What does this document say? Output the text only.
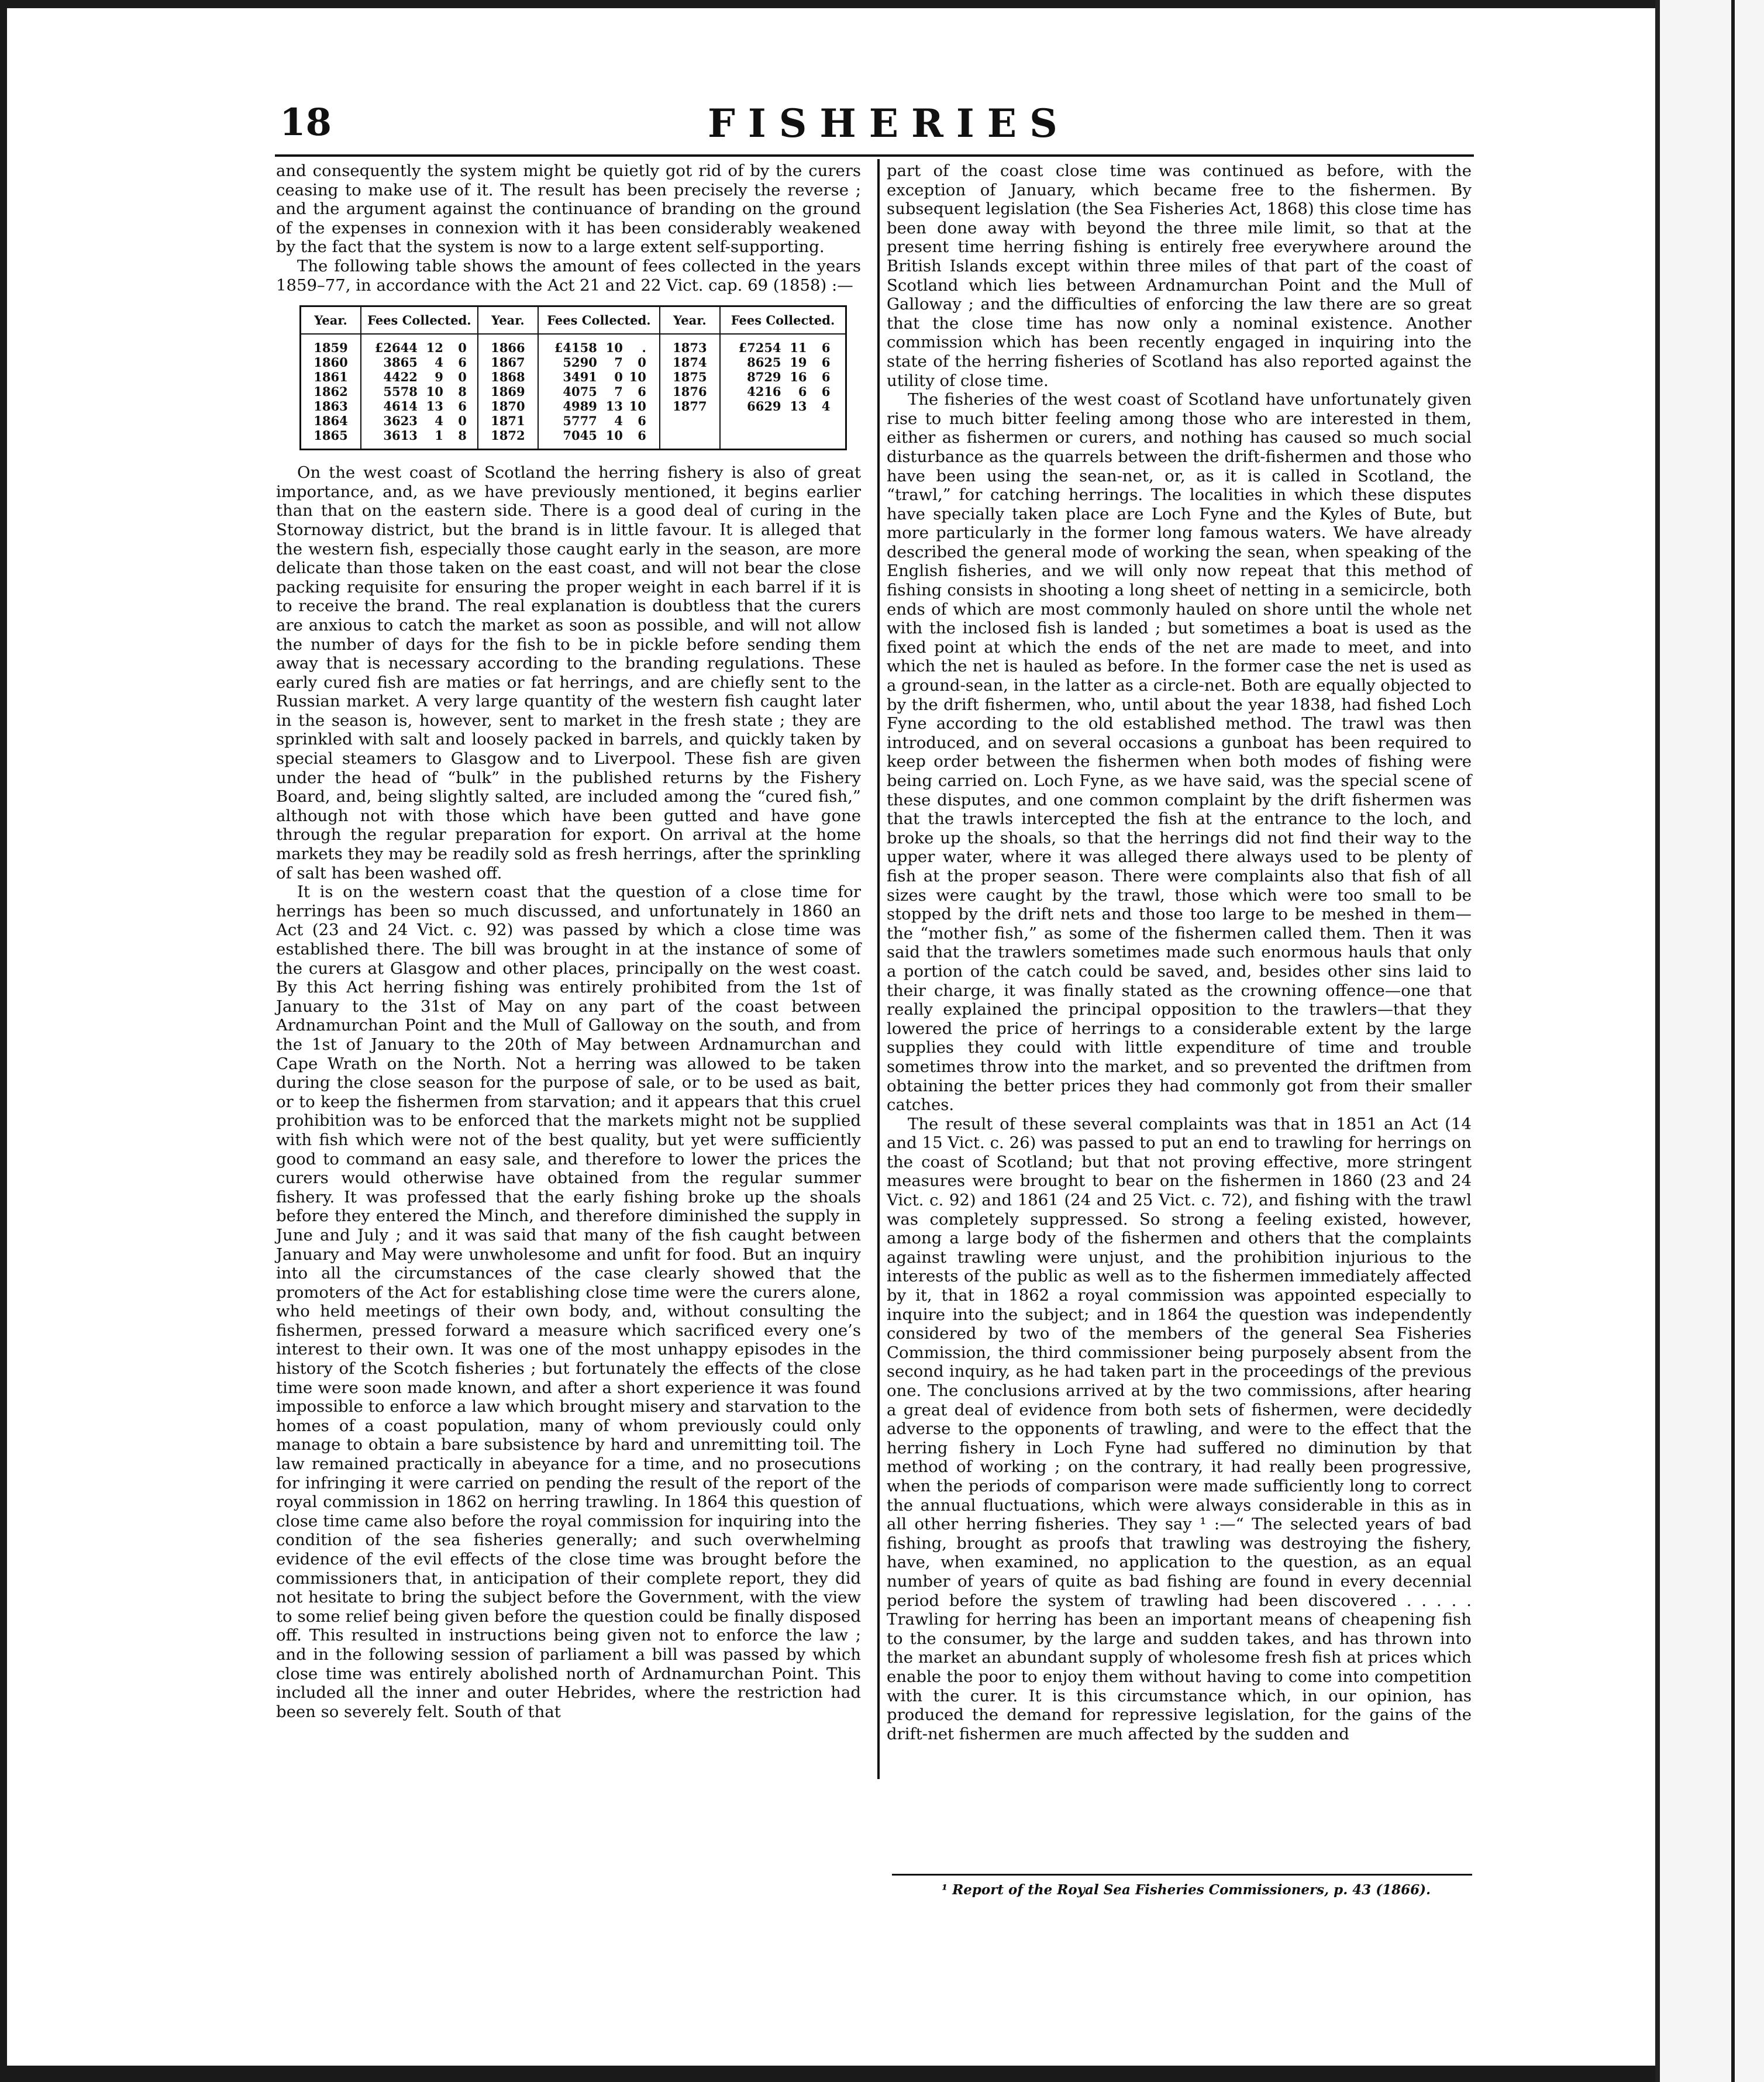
18	FISHERIES

and consequently the system might be quietly got rid of by the curers ceasing to make use of it. The result has been precisely the reverse ; and the argument against the continuance of branding on the ground of the expenses in connexion with it has been considerably weakened by the fact that the system is now to a large extent self-supporting.

The following table shows the amount of fees collected in the years 1859–77, in accordance with the Act 21 and 22 Vict. cap. 69 (1858) :—

Year.	Fees Collected.	Year.	Fees Collected.	Year.	Fees Collected.
1859	£2644 12 0	1866	£4158 10 .	1873	£7254 11 6
1860	3865 4 6	1867	5290 7 0	1874	8625 19 6
1861	4422 9 0	1868	3491 0 10	1875	8729 16 6
1862	5578 10 8	1869	4075 7 6	1876	4216 6 6
1863	4614 13 6	1870	4989 13 10	1877	6629 13 4
1864	3623 4 0	1871	5777 4 6		
1865	3613 1 8	1872	7045 10 6		

On the west coast of Scotland the herring fishery is also of great importance, and, as we have previously mentioned, it begins earlier than that on the eastern side. There is a good deal of curing in the Stornoway district, but the brand is in little favour. It is alleged that the western fish, especially those caught early in the season, are more delicate than those taken on the east coast, and will not bear the close packing requisite for ensuring the proper weight in each barrel if it is to receive the brand. The real explanation is doubtless that the curers are anxious to catch the market as soon as possible, and will not allow the number of days for the fish to be in pickle before sending them away that is necessary according to the branding regulations. These early cured fish are maties or fat herrings, and are chiefly sent to the Russian market. A very large quantity of the western fish caught later in the season is, however, sent to market in the fresh state ; they are sprinkled with salt and loosely packed in barrels, and quickly taken by special steamers to Glasgow and to Liverpool. These fish are given under the head of “bulk” in the published returns by the Fishery Board, and, being slightly salted, are included among the “cured fish,” although not with those which have been gutted and have gone through the regular preparation for export. On arrival at the home markets they may be readily sold as fresh herrings, after the sprinkling of salt has been washed off.

It is on the western coast that the question of a close time for herrings has been so much discussed, and unfortunately in 1860 an Act (23 and 24 Vict. c. 92) was passed by which a close time was established there. The bill was brought in at the instance of some of the curers at Glasgow and other places, principally on the west coast. By this Act herring fishing was entirely prohibited from the 1st of January to the 31st of May on any part of the coast between Ardnamurchan Point and the Mull of Galloway on the south, and from the 1st of January to the 20th of May between Ardnamurchan and Cape Wrath on the North. Not a herring was allowed to be taken during the close season for the purpose of sale, or to be used as bait, or to keep the fishermen from starvation; and it appears that this cruel prohibition was to be enforced that the markets might not be supplied with fish which were not of the best quality, but yet were sufficiently good to command an easy sale, and therefore to lower the prices the curers would otherwise have obtained from the regular summer fishery. It was professed that the early fishing broke up the shoals before they entered the Minch, and therefore diminished the supply in June and July ; and it was said that many of the fish caught between January and May were unwholesome and unfit for food. But an inquiry into all the circumstances of the case clearly showed that the promoters of the Act for establishing close time were the curers alone, who held meetings of their own body, and, without consulting the fishermen, pressed forward a measure which sacrificed every one’s interest to their own. It was one of the most unhappy episodes in the history of the Scotch fisheries ; but fortunately the effects of the close time were soon made known, and after a short experience it was found impossible to enforce a law which brought misery and starvation to the homes of a coast population, many of whom previously could only manage to obtain a bare subsistence by hard and unremitting toil. The law remained practically in abeyance for a time, and no prosecutions for infringing it were carried on pending the result of the report of the royal commission in 1862 on herring trawling. In 1864 this question of close time came also before the royal commission for inquiring into the condition of the sea fisheries generally; and such overwhelming evidence of the evil effects of the close time was brought before the commissioners that, in anticipation of their complete report, they did not hesitate to bring the subject before the Government, with the view to some relief being given before the question could be finally disposed off. This resulted in instructions being given not to enforce the law ; and in the following session of parliament a bill was passed by which close time was entirely abolished north of Ardnamurchan Point. This included all the inner and outer Hebrides, where the restriction had been so severely felt. South of that

part of the coast close time was continued as before, with the exception of January, which became free to the fishermen. By subsequent legislation (the Sea Fisheries Act, 1868) this close time has been done away with beyond the three mile limit, so that at the present time herring fishing is entirely free everywhere around the British Islands except within three miles of that part of the coast of Scotland which lies between Ardnamurchan Point and the Mull of Galloway ; and the difficulties of enforcing the law there are so great that the close time has now only a nominal existence. Another commission which has been recently engaged in inquiring into the state of the herring fisheries of Scotland has also reported against the utility of close time.

The fisheries of the west coast of Scotland have unfortunately given rise to much bitter feeling among those who are interested in them, either as fishermen or curers, and nothing has caused so much social disturbance as the quarrels between the drift-fishermen and those who have been using the sean-net, or, as it is called in Scotland, the “trawl,” for catching herrings. The localities in which these disputes have specially taken place are Loch Fyne and the Kyles of Bute, but more particularly in the former long famous waters. We have already described the general mode of working the sean, when speaking of the English fisheries, and we will only now repeat that this method of fishing consists in shooting a long sheet of netting in a semicircle, both ends of which are most commonly hauled on shore until the whole net with the inclosed fish is landed ; but sometimes a boat is used as the fixed point at which the ends of the net are made to meet, and into which the net is hauled as before. In the former case the net is used as a ground-sean, in the latter as a circle-net. Both are equally objected to by the drift fishermen, who, until about the year 1838, had fished Loch Fyne according to the old established method. The trawl was then introduced, and on several occasions a gunboat has been required to keep order between the fishermen when both modes of fishing were being carried on. Loch Fyne, as we have said, was the special scene of these disputes, and one common complaint by the drift fishermen was that the trawls intercepted the fish at the entrance to the loch, and broke up the shoals, so that the herrings did not find their way to the upper water, where it was alleged there always used to be plenty of fish at the proper season. There were complaints also that fish of all sizes were caught by the trawl, those which were too small to be stopped by the drift nets and those too large to be meshed in them—the “mother fish,” as some of the fishermen called them. Then it was said that the trawlers sometimes made such enormous hauls that only a portion of the catch could be saved, and, besides other sins laid to their charge, it was finally stated as the crowning offence—one that really explained the principal opposition to the trawlers—that they lowered the price of herrings to a considerable extent by the large supplies they could with little expenditure of time and trouble sometimes throw into the market, and so prevented the driftmen from obtaining the better prices they had commonly got from their smaller catches.

The result of these several complaints was that in 1851 an Act (14 and 15 Vict. c. 26) was passed to put an end to trawling for herrings on the coast of Scotland; but that not proving effective, more stringent measures were brought to bear on the fishermen in 1860 (23 and 24 Vict. c. 92) and 1861 (24 and 25 Vict. c. 72), and fishing with the trawl was completely suppressed. So strong a feeling existed, however, among a large body of the fishermen and others that the complaints against trawling were unjust, and the prohibition injurious to the interests of the public as well as to the fishermen immediately affected by it, that in 1862 a royal commission was appointed especially to inquire into the subject; and in 1864 the question was independently considered by two of the members of the general Sea Fisheries Commission, the third commissioner being purposely absent from the second inquiry, as he had taken part in the proceedings of the previous one. The conclusions arrived at by the two commissions, after hearing a great deal of evidence from both sets of fishermen, were decidedly adverse to the opponents of trawling, and were to the effect that the herring fishery in Loch Fyne had suffered no diminution by that method of working ; on the contrary, it had really been progressive, when the periods of comparison were made sufficiently long to correct the annual fluctuations, which were always considerable in this as in all other herring fisheries. They say ¹ :—“ The selected years of bad fishing, brought as proofs that trawling was destroying the fishery, have, when examined, no application to the question, as an equal number of years of quite as bad fishing are found in every decennial period before the system of trawling had been discovered . . . . . Trawling for herring has been an important means of cheapening fish to the consumer, by the large and sudden takes, and has thrown into the market an abundant supply of wholesome fresh fish at prices which enable the poor to enjoy them without having to come into competition with the curer. It is this circumstance which, in our opinion, has produced the demand for repressive legislation, for the gains of the drift-net fishermen are much affected by the sudden and

¹ Report of the Royal Sea Fisheries Commissioners, p. 43 (1866).
